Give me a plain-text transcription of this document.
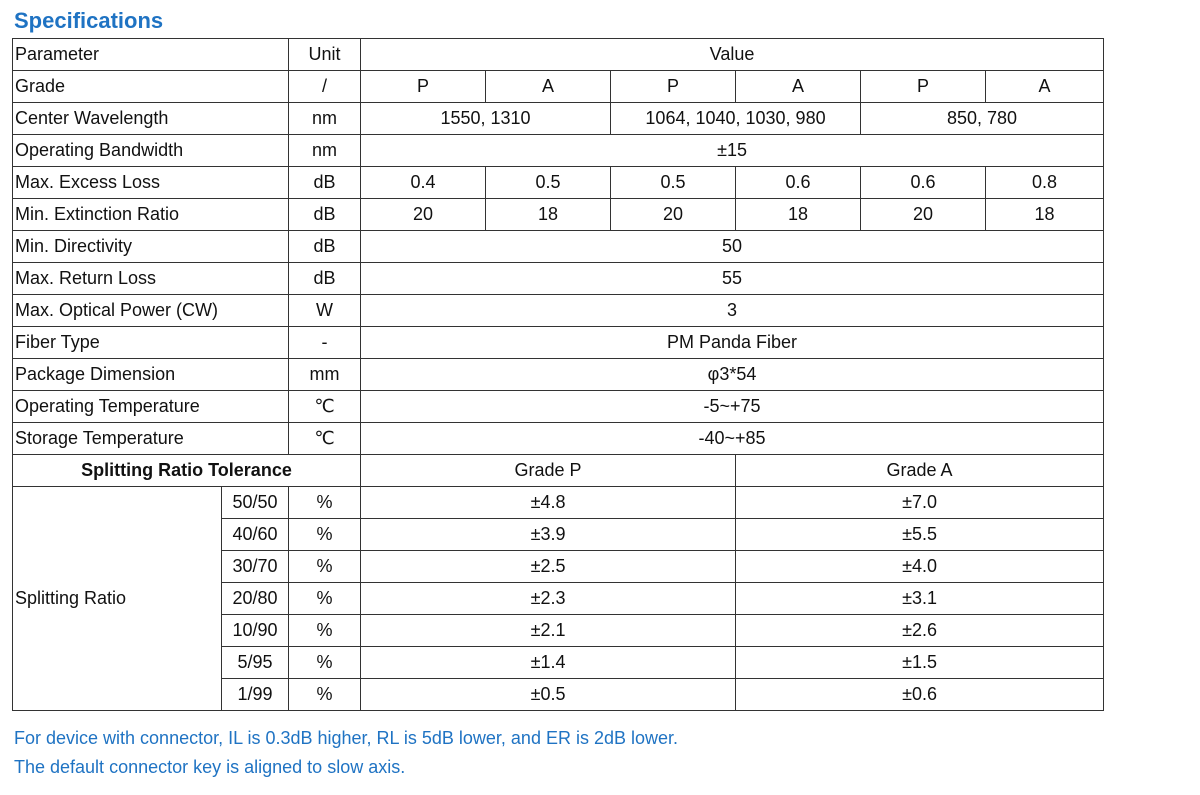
Specifications
Parameter		Unit	Value					
Grade		/	P	A	P	A	P	A
Center Wavelength		nm	1550, 1310		1064, 1040, 1030, 980		850, 780	
Operating Bandwidth		nm	±15					
Max. Excess Loss		dB	0.4	0.5	0.5	0.6	0.6	0.8
Min. Extinction Ratio		dB	20	18	20	18	20	18
Min. Directivity		dB	50					
Max. Return Loss		dB	55					
Max. Optical Power (CW)		W	3					
Fiber Type		-	PM Panda Fiber					
Package Dimension		mm	φ3*54					
Operating Temperature		℃	-5~+75					
Storage Temperature		℃	-40~+85					
Splitting Ratio Tolerance			Grade P			Grade A		
Splitting Ratio	50/50	%	±4.8			±7.0		
	40/60	%	±3.9			±5.5		
	30/70	%	±2.5			±4.0		
	20/80	%	±2.3			±3.1		
	10/90	%	±2.1			±2.6		
	5/95	%	±1.4			±1.5		
	1/99	%	±0.5			±0.6		
For device with connector, IL is 0.3dB higher, RL is 5dB lower, and ER is 2dB lower.
The default connector key is aligned to slow axis.
